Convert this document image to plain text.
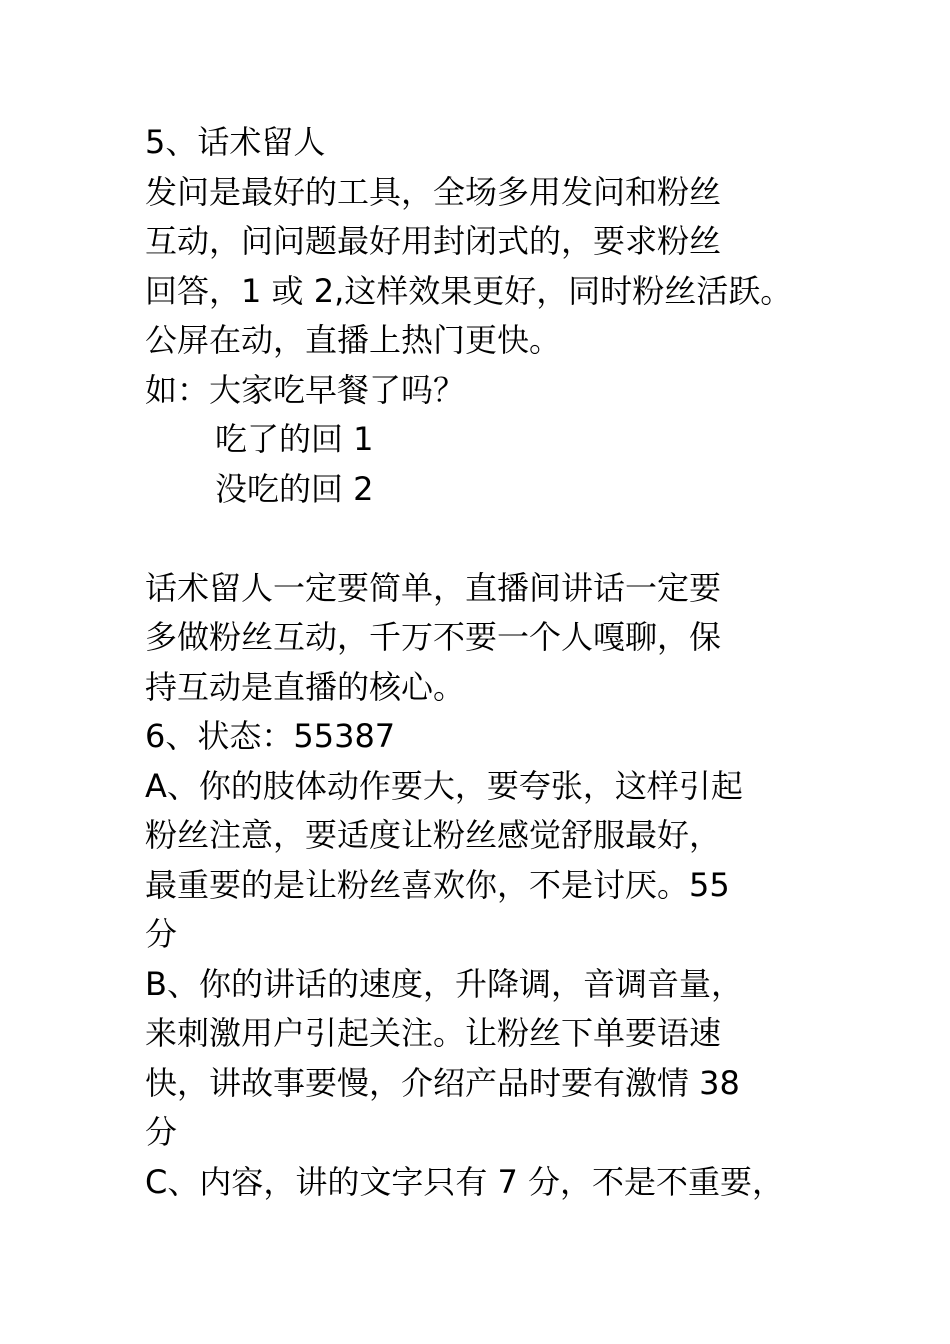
5、话术留人
发问是最好的工具，全场多用发问和粉丝
互动，问问题最好用封闭式的，要求粉丝
回答，1 或 2,这样效果更好，同时粉丝活跃。
公屏在动，直播上热门更快。
如：大家吃早餐了吗？
吃了的回 1
没吃的回 2
话术留人一定要简单，直播间讲话一定要
多做粉丝互动，千万不要一个人嘎聊，保
持互动是直播的核心。
6、状态：55387
A、你的肢体动作要大，要夸张，这样引起
粉丝注意，要适度让粉丝感觉舒服最好，
最重要的是让粉丝喜欢你，不是讨厌。55
分
B、你的讲话的速度，升降调，音调音量，
来刺激用户引起关注。让粉丝下单要语速
快，讲故事要慢，介绍产品时要有激情 38
分
C、内容，讲的文字只有 7 分，不是不重要，
